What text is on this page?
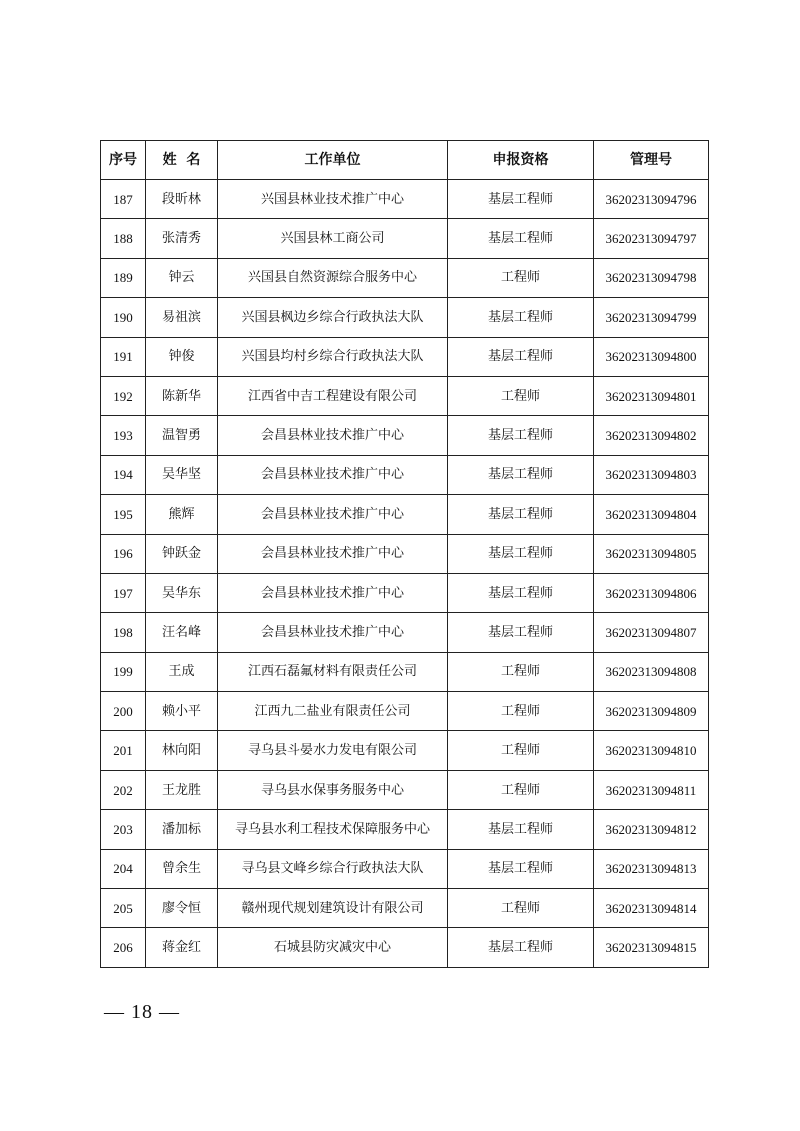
序号	姓  名	工作单位	申报资格	管理号
187	段昕林	兴国县林业技术推广中心	基层工程师	36202313094796
188	张清秀	兴国县林工商公司	基层工程师	36202313094797
189	钟云	兴国县自然资源综合服务中心	工程师	36202313094798
190	易祖滨	兴国县枫边乡综合行政执法大队	基层工程师	36202313094799
191	钟俊	兴国县均村乡综合行政执法大队	基层工程师	36202313094800
192	陈新华	江西省中吉工程建设有限公司	工程师	36202313094801
193	温智勇	会昌县林业技术推广中心	基层工程师	36202313094802
194	吴华坚	会昌县林业技术推广中心	基层工程师	36202313094803
195	熊辉	会昌县林业技术推广中心	基层工程师	36202313094804
196	钟跃金	会昌县林业技术推广中心	基层工程师	36202313094805
197	吴华东	会昌县林业技术推广中心	基层工程师	36202313094806
198	汪名峰	会昌县林业技术推广中心	基层工程师	36202313094807
199	王成	江西石磊氟材料有限责任公司	工程师	36202313094808
200	赖小平	江西九二盐业有限责任公司	工程师	36202313094809
201	林向阳	寻乌县斗晏水力发电有限公司	工程师	36202313094810
202	王龙胜	寻乌县水保事务服务中心	工程师	36202313094811
203	潘加标	寻乌县水利工程技术保障服务中心	基层工程师	36202313094812
204	曾余生	寻乌县文峰乡综合行政执法大队	基层工程师	36202313094813
205	廖令恒	赣州现代规划建筑设计有限公司	工程师	36202313094814
206	蒋金红	石城县防灾减灾中心	基层工程师	36202313094815
— 18 —
